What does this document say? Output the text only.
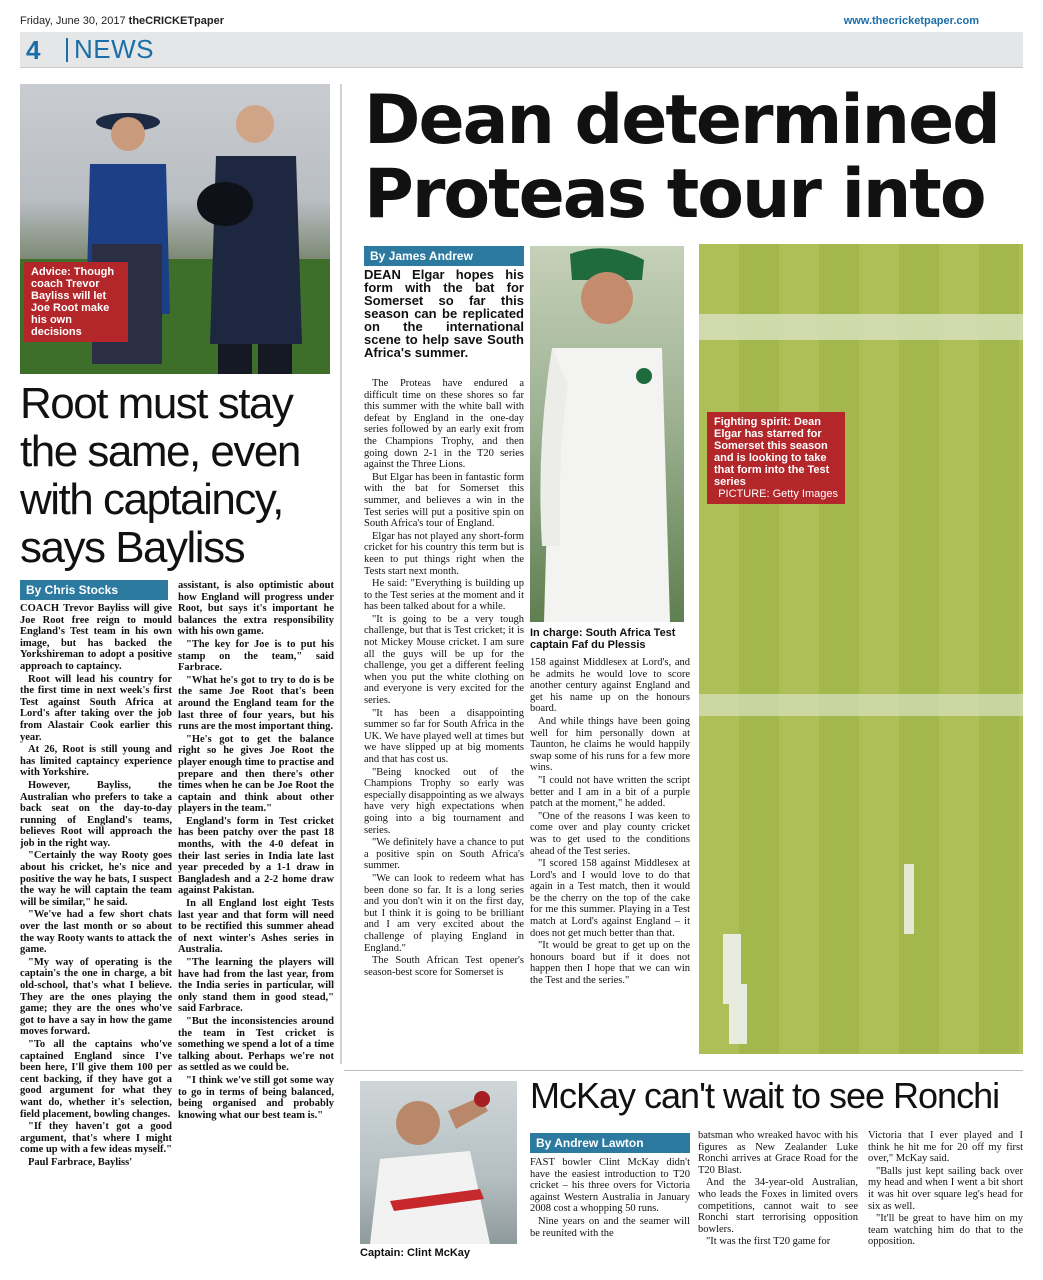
Friday, June 30, 2017 theCRICKETpaper	www.thecricketpaper.com
4 NEWS
Advice: Though coach Trevor Bayliss will let Joe Root make his own decisions
Dean determined Proteas tour into
By James Andrew
DEAN Elgar hopes his form with the bat for Somerset so far this season can be replicated on the international scene to help save South Africa's summer.

The Proteas have endured a difficult time on these shores so far this summer with the white ball with defeat by England in the one-day series followed by an early exit from the Champions Trophy, and then going down 2-1 in the T20 series against the Three Lions.

But Elgar has been in fantastic form with the bat for Somerset this summer, and believes a win in the Test series will put a positive spin on South Africa's tour of England.

Elgar has not played any short-form cricket for his country this term but is keen to put things right when the Tests start next month.

He said: "Everything is building up to the Test series at the moment and it has been talked about for a while.

"It is going to be a very tough challenge, but that is Test cricket; it is not Mickey Mouse cricket. I am sure all the guys will be up for the challenge, you get a different feeling when you put the white clothing on and everyone is very excited for the series.

"It has been a disappointing summer so far for South Africa in the UK. We have played well at times but we have slipped up at big moments and that has cost us.

"Being knocked out of the Champions Trophy so early was especially disappointing as we always have very high expectations when going into a big tournament and series.

"We definitely have a chance to put a positive spin on South Africa's summer.

"We can look to redeem what has been done so far. It is a long series and you don't win it on the first day, but I think it is going to be brilliant and I am very excited about the challenge of playing England in England."

The South African Test opener's season-best score for Somerset is

In charge: South Africa Test captain Faf du Plessis

158 against Middlesex at Lord's, and he admits he would love to score another century against England and get his name up on the honours board.

And while things have been going well for him personally down at Taunton, he claims he would happily swap some of his runs for a few more wins.

"I could not have written the script better and I am in a bit of a purple patch at the moment," he added.

"One of the reasons I was keen to come over and play county cricket was to get used to the conditions ahead of the Test series.

"I scored 158 against Middlesex at Lord's and I would love to do that again in a Test match, then it would be the cherry on the top of the cake for me this summer. Playing in a Test match at Lord's against England – it does not get much better than that.

"It would be great to get up on the honours board but if it does not happen then I hope that we can win the Test and the series."

Fighting spirit: Dean Elgar has starred for Somerset this season and is looking to take that form into the Test series
PICTURE: Getty Images
Root must stay the same, even with captaincy, says Bayliss
By Chris Stocks

COACH Trevor Bayliss will give Joe Root free reign to mould England's Test team in his own image, but has backed the Yorkshireman to adopt a positive approach to captaincy.

Root will lead his country for the first time in next week's first Test against South Africa at Lord's after taking over the job from Alastair Cook earlier this year.

At 26, Root is still young and has limited captaincy experience with Yorkshire.

However, Bayliss, the Australian who prefers to take a back seat on the day-to-day running of England's teams, believes Root will approach the job in the right way.

"Certainly the way Rooty goes about his cricket, he's nice and positive the way he bats, I suspect the way he will captain the team will be similar," he said.

"We've had a few short chats over the last month or so about the way Rooty wants to attack the game.

"My way of operating is the captain's the one in charge, a bit old-school, that's what I believe. They are the ones playing the game; they are the ones who've got to have a say in how the game moves forward.

"To all the captains who've captained England since I've been here, I'll give them 100 per cent backing, if they have got a good argument for what they want do, whether it's selection, field placement, bowling changes.

"If they haven't got a good argument, that's where I might come up with a few ideas myself."

Paul Farbrace, Bayliss'

assistant, is also optimistic about how England will progress under Root, but says it's important he balances the extra responsibility with his own game.

"The key for Joe is to put his stamp on the team," said Farbrace.

"What he's got to try to do is be the same Joe Root that's been around the England team for the last three of four years, but his runs are the most important thing.

"He's got to get the balance right so he gives Joe Root the player enough time to practise and prepare and then there's other times when he can be Joe Root the captain and think about other players in the team."

England's form in Test cricket has been patchy over the past 18 months, with the 4-0 defeat in their last series in India late last year preceded by a 1-1 draw in Bangladesh and a 2-2 home draw against Pakistan.

In all England lost eight Tests last year and that form will need to be rectified this summer ahead of next winter's Ashes series in Australia.

"The learning the players will have had from the last year, from the India series in particular, will only stand them in good stead," said Farbrace.

"But the inconsistencies around the team in Test cricket is something we spend a lot of a time talking about. Perhaps we're not as settled as we could be.

"I think we've still got some way to go in terms of being balanced, being organised and probably knowing what our best team is."

Captain: Clint McKay
McKay can't wait to see Ronchi
By Andrew Lawton

FAST bowler Clint McKay didn't have the easiest introduction to T20 cricket – his three overs for Victoria against Western Australia in January 2008 cost a whopping 50 runs.

Nine years on and the seamer will be reunited with the

batsman who wreaked havoc with his figures as New Zealander Luke Ronchi arrives at Grace Road for the T20 Blast.

And the 34-year-old Australian, who leads the Foxes in limited overs competitions, cannot wait to see Ronchi start terrorising opposition bowlers.

"It was the first T20 game for

Victoria that I ever played and I think he hit me for 20 off my first over," McKay said.

"Balls just kept sailing back over my head and when I went a bit short it was hit over square leg's head for six as well.

"It'll be great to have him on my team watching him do that to the opposition.
